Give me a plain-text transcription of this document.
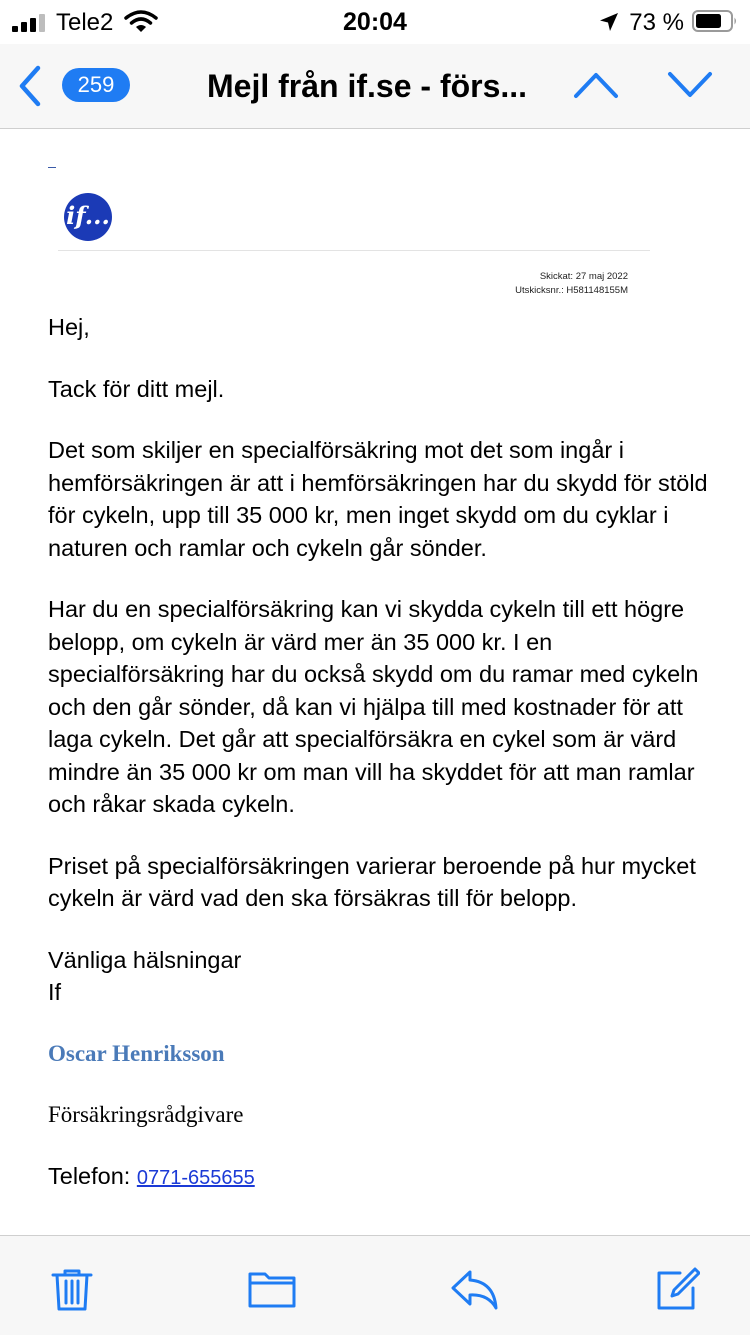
Tele2	20:04	73 %
259	Mejl från if.se - förs...
if...
Skickat: 27 maj 2022
Utskicksnr.: H581148155M

Hej,

Tack för ditt mejl.

Det som skiljer en specialförsäkring mot det som ingår i hemförsäkringen är att i hemförsäkringen har du skydd för stöld för cykeln, upp till 35 000 kr, men inget skydd om du cyklar i naturen och ramlar och cykeln går sönder.

Har du en specialförsäkring kan vi skydda cykeln till ett högre belopp, om cykeln är värd mer än 35 000 kr. I en specialförsäkring har du också skydd om du ramar med cykeln och den går sönder, då kan vi hjälpa till med kostnader för att laga cykeln. Det går att specialförsäkra en cykel som är värd mindre än 35 000 kr om man vill ha skyddet för att man ramlar och råkar skada cykeln.

Priset på specialförsäkringen varierar beroende på hur mycket cykeln är värd vad den ska försäkras till för belopp.

Vänliga hälsningar
If

Oscar Henriksson

Försäkringsrådgivare

Telefon: 0771-655655
